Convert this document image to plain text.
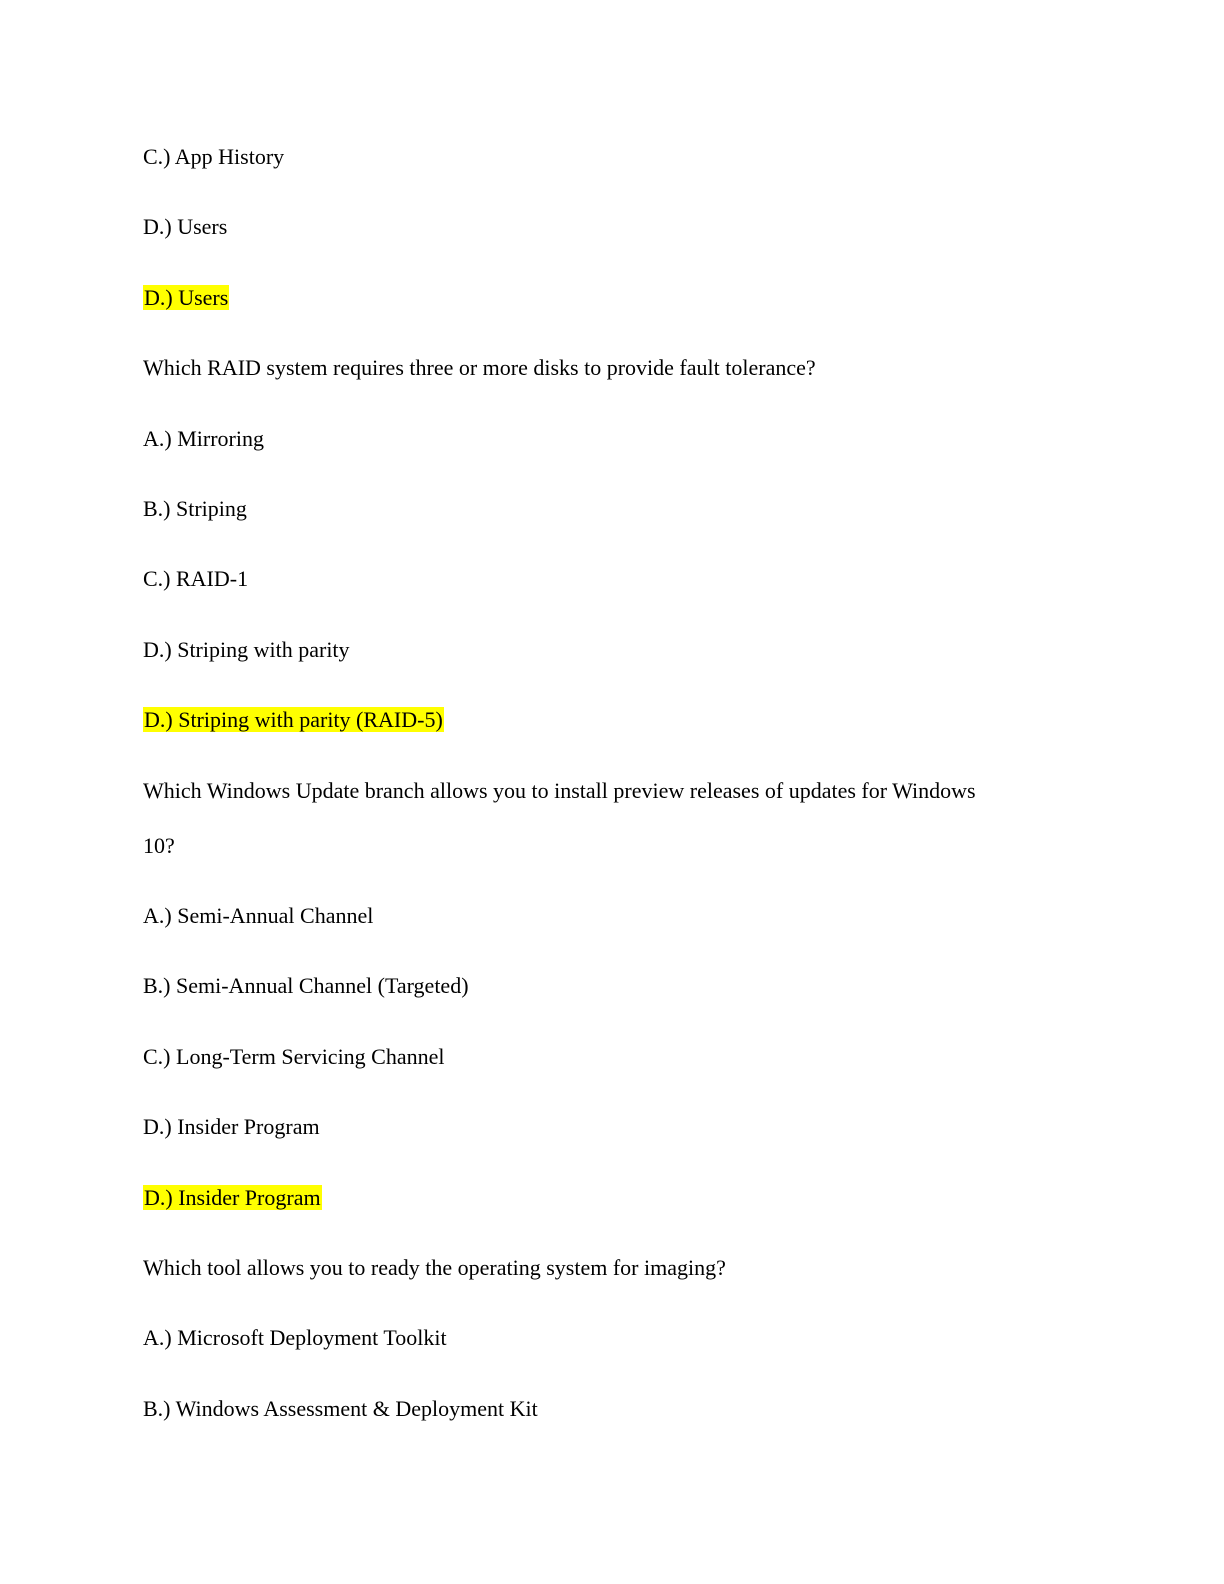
C.) App History
D.) Users
D.) Users
Which RAID system requires three or more disks to provide fault tolerance?
A.) Mirroring
B.) Striping
C.) RAID-1
D.) Striping with parity
D.) Striping with parity (RAID-5)
Which Windows Update branch allows you to install preview releases of updates for Windows
10?
A.) Semi-Annual Channel
B.) Semi-Annual Channel (Targeted)
C.) Long-Term Servicing Channel
D.) Insider Program
D.) Insider Program
Which tool allows you to ready the operating system for imaging?
A.) Microsoft Deployment Toolkit
B.) Windows Assessment & Deployment Kit
